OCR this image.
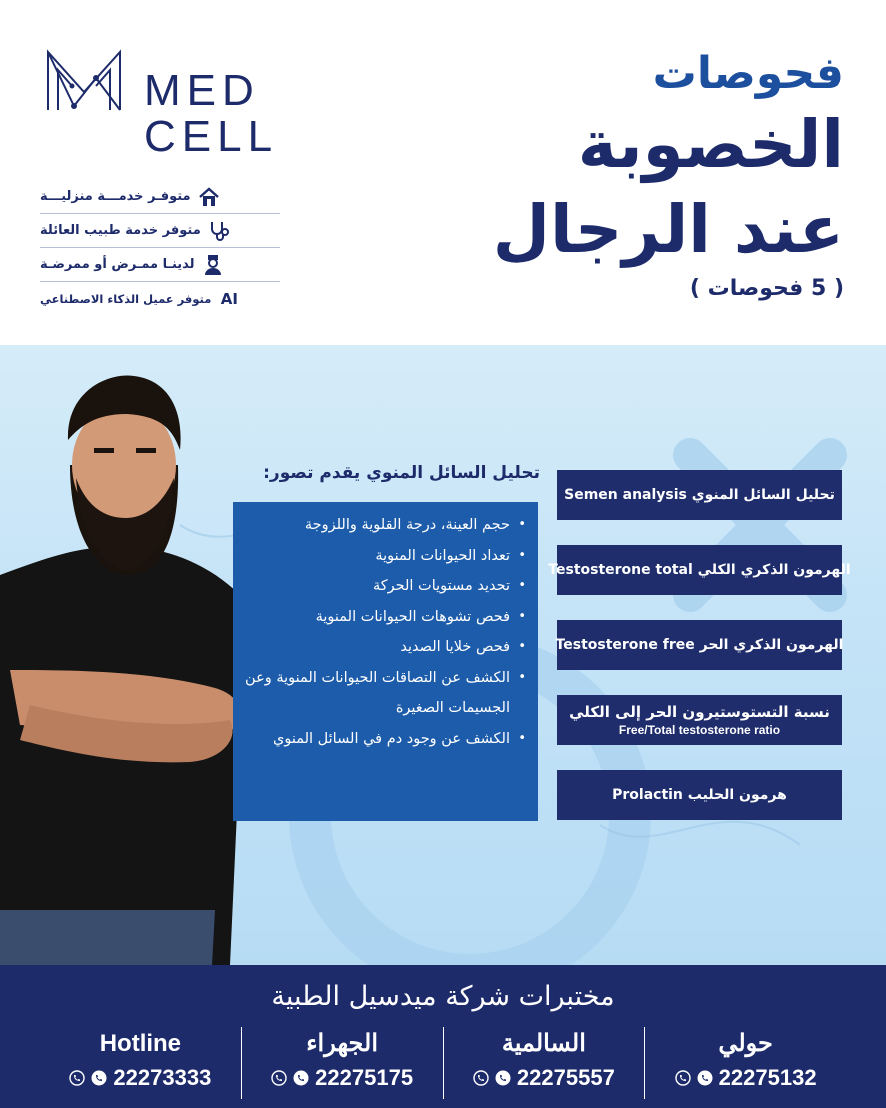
MED
CELL
متوفـر خدمـــة منزليـــة
متوفر خدمة طبيب العائلة
لدينـا ممـرض أو ممرضـة
AI
متوفر عميل الذكاء الاصطناعي
فحوصات
الخصوبة
عند الرجال
( 5 فحوصات )
تحليل السائل المنوي يقدم تصور:
• حجم العينة، درجة القلوية واللزوجة
• تعداد الحيوانات المنوية
• تحديد مستويات الحركة
• فحص تشوهات الحيوانات المنوية
• فحص خلايا الصديد
• الكشف عن التصاقات الحيوانات المنوية وعن الجسيمات الصغيرة
• الكشف عن وجود دم في السائل المنوي
تحليل السائل المنوي Semen analysis
الهرمون الذكري الكلي Testosterone total
الهرمون الذكري الحر Testosterone free
نسبة التستوستيرون الحر إلى الكلي
Free/Total testosterone ratio
هرمون الحليب Prolactin
مختبرات شركة ميدسيل الطبية
Hotline
22273333
الجهراء
22275175
السالمية
22275557
حولي
22275132
